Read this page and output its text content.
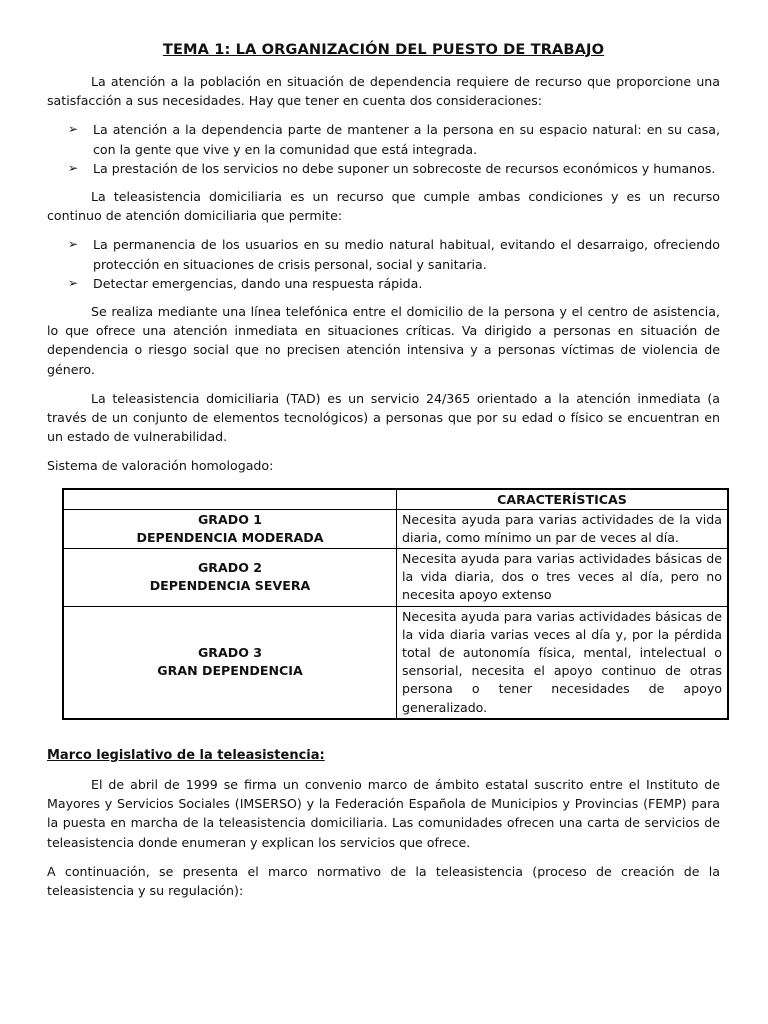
TEMA 1: LA ORGANIZACIÓN DEL PUESTO DE TRABAJO

La atención a la población en situación de dependencia requiere de recurso que proporcione una satisfacción a sus necesidades. Hay que tener en cuenta dos consideraciones:

➢ La atención a la dependencia parte de mantener a la persona en su espacio natural: en su casa, con la gente que vive y en la comunidad que está integrada.
➢ La prestación de los servicios no debe suponer un sobrecoste de recursos económicos y humanos.

La teleasistencia domiciliaria es un recurso que cumple ambas condiciones y es un recurso continuo de atención domiciliaria que permite:

➢ La permanencia de los usuarios en su medio natural habitual, evitando el desarraigo, ofreciendo protección en situaciones de crisis personal, social y sanitaria.
➢ Detectar emergencias, dando una respuesta rápida.

Se realiza mediante una línea telefónica entre el domicilio de la persona y el centro de asistencia, lo que ofrece una atención inmediata en situaciones críticas. Va dirigido a personas en situación de dependencia o riesgo social que no precisen atención intensiva y a personas víctimas de violencia de género.

La teleasistencia domiciliaria (TAD) es un servicio 24/365 orientado a la atención inmediata (a través de un conjunto de elementos tecnológicos) a personas que por su edad o físico se encuentran en un estado de vulnerabilidad.

Sistema de valoración homologado:

	CARACTERÍSTICAS

GRADO 1
DEPENDENCIA MODERADA	Necesita ayuda para varias actividades de la vida diaria, como mínimo un par de veces al día.

GRADO 2
DEPENDENCIA SEVERA	Necesita ayuda para varias actividades básicas de la vida diaria, dos o tres veces al día, pero no necesita apoyo extenso

GRADO 3
GRAN DEPENDENCIA	Necesita ayuda para varias actividades básicas de la vida diaria varias veces al día y, por la pérdida total de autonomía física, mental, intelectual o sensorial, necesita el apoyo continuo de otras persona o tener necesidades de apoyo generalizado.
Marco legislativo de la teleasistencia:

El de abril de 1999 se firma un convenio marco de ámbito estatal suscrito entre el Instituto de Mayores y Servicios Sociales (IMSERSO) y la Federación Española de Municipios y Provincias (FEMP) para la puesta en marcha de la teleasistencia domiciliaria. Las comunidades ofrecen una carta de servicios de teleasistencia donde enumeran y explican los servicios que ofrece.

A continuación, se presenta el marco normativo de la teleasistencia (proceso de creación de la teleasistencia y su regulación):
